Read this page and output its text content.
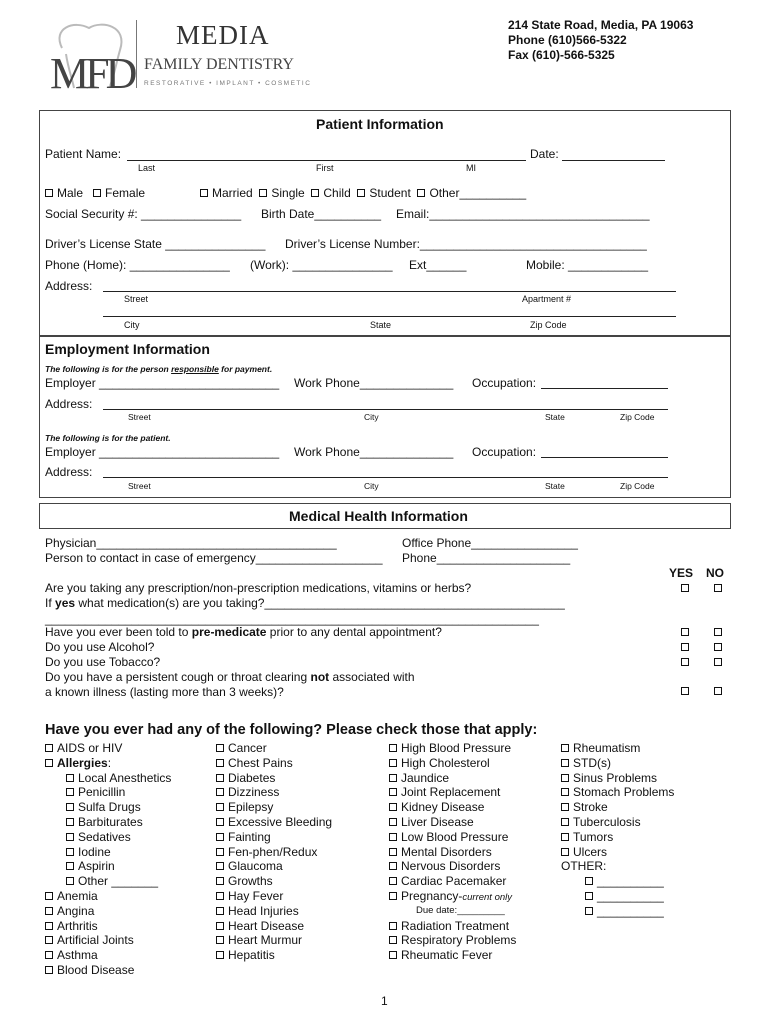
MFD
MEDIA
FAMILY DENTISTRY
RESTORATIVE • IMPLANT • COSMETIC
214 State Road, Media, PA 19063
Phone (610)566-5322
Fax (610)-566-5325
Patient Information
Patient Name:	Date:
Last	First	MI
Male Female	Married Single Child Student Other__________
Social Security #: _______________ Birth Date__________ Email:_________________________________
Driver’s License State _______________ Driver’s License Number:__________________________________
Phone (Home): _______________ (Work): _______________ Ext______	Mobile: ____________
Address:
Street	Apartment #
City	State	Zip Code
Employment Information
The following is for the person responsible for payment.
Employer ___________________________ Work Phone______________ Occupation:
Address:
Street	City	State	Zip Code
The following is for the patient.
Employer ___________________________ Work Phone______________ Occupation:
Address:
Street	City	State	Zip Code
Medical Health Information
Physician____________________________________	Office Phone________________
Person to contact in case of emergency___________________ Phone____________________
YES NO
Are you taking any prescription/non-prescription medications, vitamins or herbs?
If yes what medication(s) are you taking?_____________________________________________
__________________________________________________________________________
Have you ever been told to pre-medicate prior to any dental appointment?
Do you use Alcohol?
Do you use Tobacco?
Do you have a persistent cough or throat clearing not associated with
a known illness (lasting more than 3 weeks)?
Have you ever had any of the following? Please check those that apply:
AIDS or HIV
Allergies:
Local Anesthetics
Penicillin
Sulfa Drugs
Barbiturates
Sedatives
Iodine
Aspirin
Other _______
Anemia
Angina
Arthritis
Artificial Joints
Asthma
Blood Disease
Cancer
Chest Pains
Diabetes
Dizziness
Epilepsy
Excessive Bleeding
Fainting
Fen-phen/Redux
Glaucoma
Growths
Hay Fever
Head Injuries
Heart Disease
Heart Murmur
Hepatitis
High Blood Pressure
High Cholesterol
Jaundice
Joint Replacement
Kidney Disease
Liver Disease
Low Blood Pressure
Mental Disorders
Nervous Disorders
Cardiac Pacemaker
Pregnancy-current only
Due date:_________
Radiation Treatment
Respiratory Problems
Rheumatic Fever
Rheumatism
STD(s)
Sinus Problems
Stomach Problems
Stroke
Tuberculosis
Tumors
Ulcers
OTHER:
__________
__________
__________
1
